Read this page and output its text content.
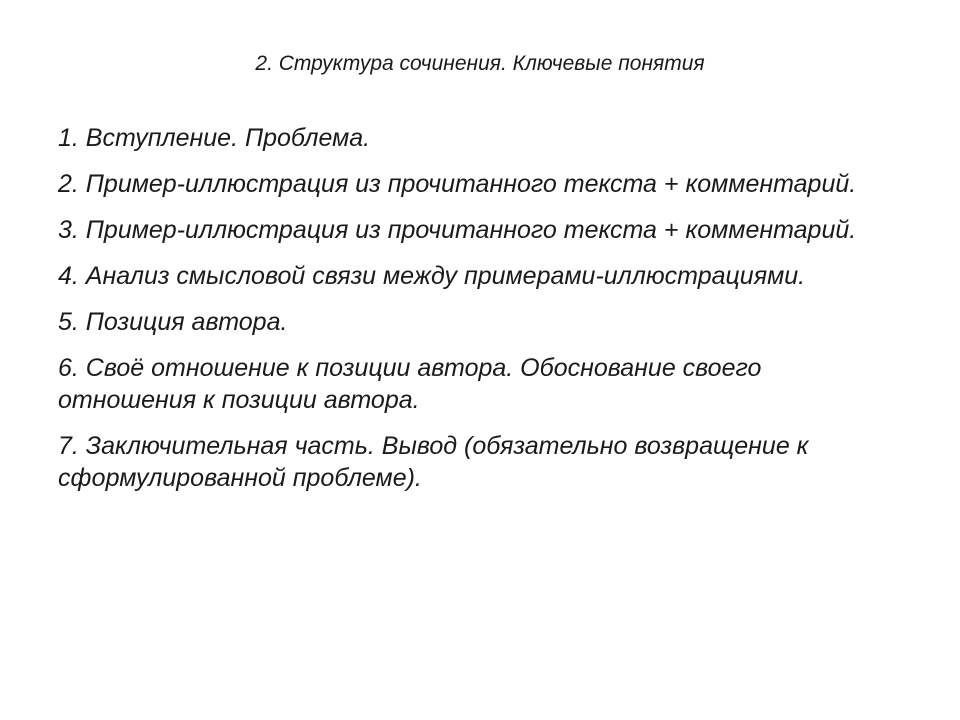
2. Структура сочинения. Ключевые понятия
1. Вступление. Проблема.
2. Пример-иллюстрация из прочитанного текста + комментарий.
3. Пример-иллюстрация из прочитанного текста + комментарий.
4. Анализ смысловой связи между примерами-иллюстрациями.
5. Позиция автора.
6. Своё отношение к позиции автора. Обоснование своего отношения к позиции автора.
7. Заключительная часть. Вывод (обязательно возвращение к сформулированной проблеме).
